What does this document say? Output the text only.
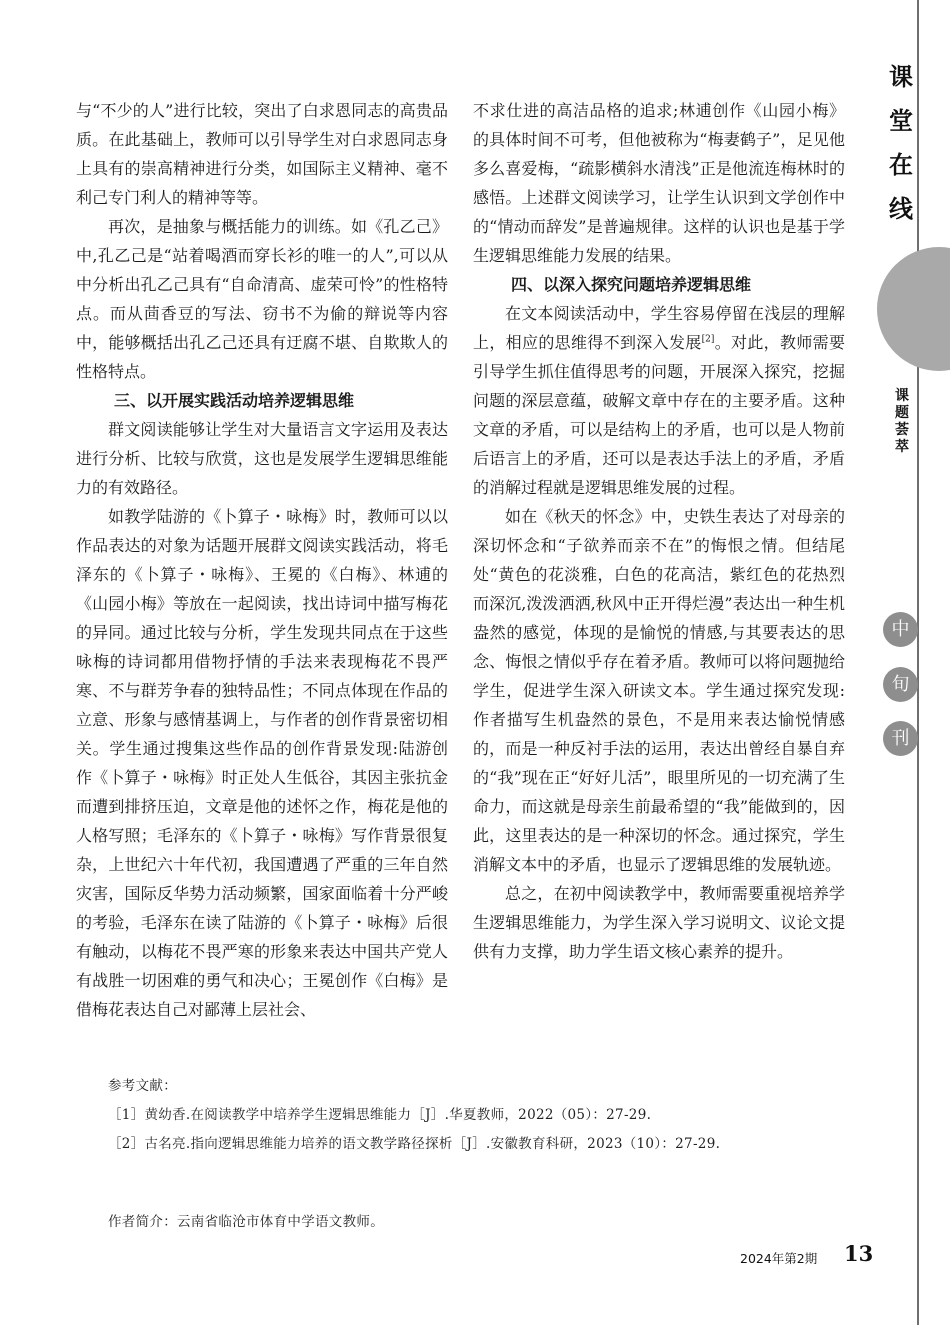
与“不少的人”进行比较，突出了白求恩同志的高贵品质。在此基础上，教师可以引导学生对白求恩同志身上具有的崇高精神进行分类，如国际主义精神、毫不利己专门利人的精神等等。

再次，是抽象与概括能力的训练。如《孔乙己》中,孔乙己是“站着喝酒而穿长衫的唯一的人”,可以从中分析出孔乙己具有“自命清高、虚荣可怜”的性格特点。而从茴香豆的写法、窃书不为偷的辩说等内容中，能够概括出孔乙己还具有迂腐不堪、自欺欺人的性格特点。

三、以开展实践活动培养逻辑思维

群文阅读能够让学生对大量语言文字运用及表达进行分析、比较与欣赏，这也是发展学生逻辑思维能力的有效路径。

如教学陆游的《卜算子・咏梅》时，教师可以以作品表达的对象为话题开展群文阅读实践活动，将毛泽东的《卜算子・咏梅》、王冕的《白梅》、林逋的《山园小梅》等放在一起阅读，找出诗词中描写梅花的异同。通过比较与分析，学生发现共同点在于这些咏梅的诗词都用借物抒情的手法来表现梅花不畏严寒、不与群芳争春的独特品性；不同点体现在作品的立意、形象与感情基调上，与作者的创作背景密切相关。学生通过搜集这些作品的创作背景发现:陆游创作《卜算子・咏梅》时正处人生低谷，其因主张抗金而遭到排挤压迫，文章是他的述怀之作，梅花是他的人格写照；毛泽东的《卜算子・咏梅》写作背景很复杂，上世纪六十年代初，我国遭遇了严重的三年自然灾害，国际反华势力活动频繁，国家面临着十分严峻的考验，毛泽东在读了陆游的《卜算子・咏梅》后很有触动，以梅花不畏严寒的形象来表达中国共产党人有战胜一切困难的勇气和决心；王冕创作《白梅》是借梅花表达自己对鄙薄上层社会、

不求仕进的高洁品格的追求;林逋创作《山园小梅》的具体时间不可考，但他被称为“梅妻鹤子”，足见他多么喜爱梅，“疏影横斜水清浅”正是他流连梅林时的感悟。上述群文阅读学习，让学生认识到文学创作中的“情动而辞发”是普遍规律。这样的认识也是基于学生逻辑思维能力发展的结果。

四、以深入探究问题培养逻辑思维

在文本阅读活动中，学生容易停留在浅层的理解上，相应的思维得不到深入发展[2]。对此，教师需要引导学生抓住值得思考的问题，开展深入探究，挖掘问题的深层意蕴，破解文章中存在的主要矛盾。这种文章的矛盾，可以是结构上的矛盾，也可以是人物前后语言上的矛盾，还可以是表达手法上的矛盾，矛盾的消解过程就是逻辑思维发展的过程。

如在《秋天的怀念》中，史铁生表达了对母亲的深切怀念和“子欲养而亲不在”的悔恨之情。但结尾处“黄色的花淡雅，白色的花高洁，紫红色的花热烈而深沉,泼泼洒洒,秋风中正开得烂漫”表达出一种生机盎然的感觉，体现的是愉悦的情感,与其要表达的思念、悔恨之情似乎存在着矛盾。教师可以将问题抛给学生，促进学生深入研读文本。学生通过探究发现:作者描写生机盎然的景色，不是用来表达愉悦情感的，而是一种反衬手法的运用，表达出曾经自暴自弃的“我”现在正“好好儿活”，眼里所见的一切充满了生命力，而这就是母亲生前最希望的“我”能做到的，因此，这里表达的是一种深切的怀念。通过探究，学生消解文本中的矛盾，也显示了逻辑思维的发展轨迹。

总之，在初中阅读教学中，教师需要重视培养学生逻辑思维能力，为学生深入学习说明文、议论文提供有力支撑，助力学生语文核心素养的提升。

课
堂
在
线
课
题
荟
萃
中
旬
刊

参考文献：

［1］黄幼香.在阅读教学中培养学生逻辑思维能力［J］.华夏教师，2022（05）：27-29.

［2］古名亮.指向逻辑思维能力培养的语文教学路径探析［J］.安徽教育科研，2023（10）：27-29.

作者简介：云南省临沧市体育中学语文教师。
2024年第2期 13
